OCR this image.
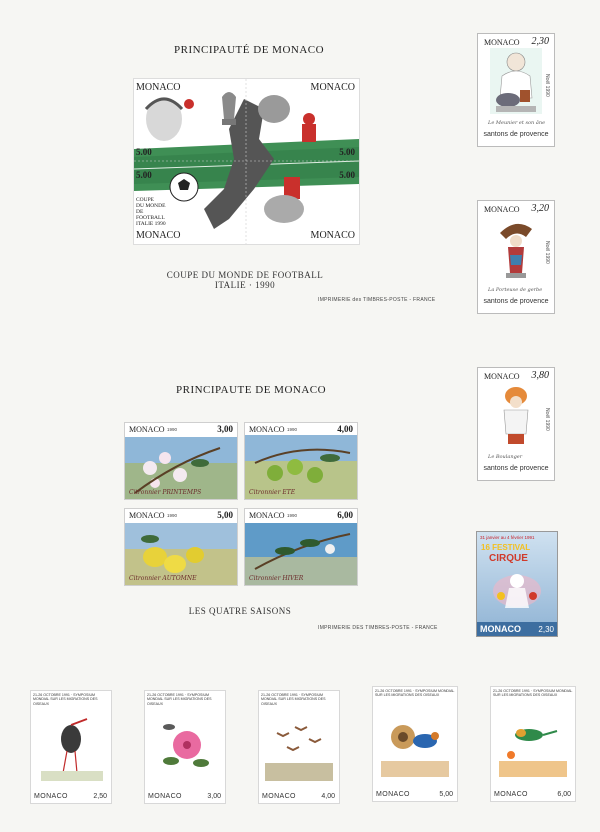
PRINCIPAUTÉ DE MONACO
MONACO	MONACO
MONACO	MONACO
5.00	5.00
5.00	5.00
COUPE
DU MONDE
DE
FOOTBALL
ITALIE 1990
COUPE DU MONDE DE FOOTBALL
ITALIE · 1990
IMPRIMERIE des TIMBRES-POSTE - FRANCE
MONACO 2,30
Noël 1990
Le Meunier et son âne
santons de provence
MONACO 3,20
Noël 1990
La Porteuse de gerbe
santons de provence
MONACO 3,80
Noël 1990
Le Boulanger
santons de provence
PRINCIPAUTE DE MONACO
MONACO 1990	3,00
Citronnier PRINTEMPS
MONACO 1990	4,00
Citronnier ETE
MONACO 1990	5,00
Citronnier AUTOMNE
MONACO 1990	6,00
Citronnier HIVER
LES QUATRE SAISONS
IMPRIMERIE DES TIMBRES-POSTE - FRANCE
31 janvier au 4 février 1991
16 FESTIVAL
CIRQUE
MONACO 2,30
21-26 OCTOBRE 1991 · SYMPOSIUM MONDIAL SUR LES MIGRATIONS DES OISEAUX
MONACO	2,50
21-26 OCTOBRE 1991 · SYMPOSIUM MONDIAL SUR LES MIGRATIONS DES OISEAUX
MONACO	3,00
21-26 OCTOBRE 1991 · SYMPOSIUM MONDIAL SUR LES MIGRATIONS DES OISEAUX
MONACO	4,00
21-26 OCTOBRE 1991 · SYMPOSIUM MONDIAL SUR LES MIGRATIONS DES OISEAUX
MONACO	5,00
21-26 OCTOBRE 1991 · SYMPOSIUM MONDIAL SUR LES MIGRATIONS DES OISEAUX
MONACO	6,00
